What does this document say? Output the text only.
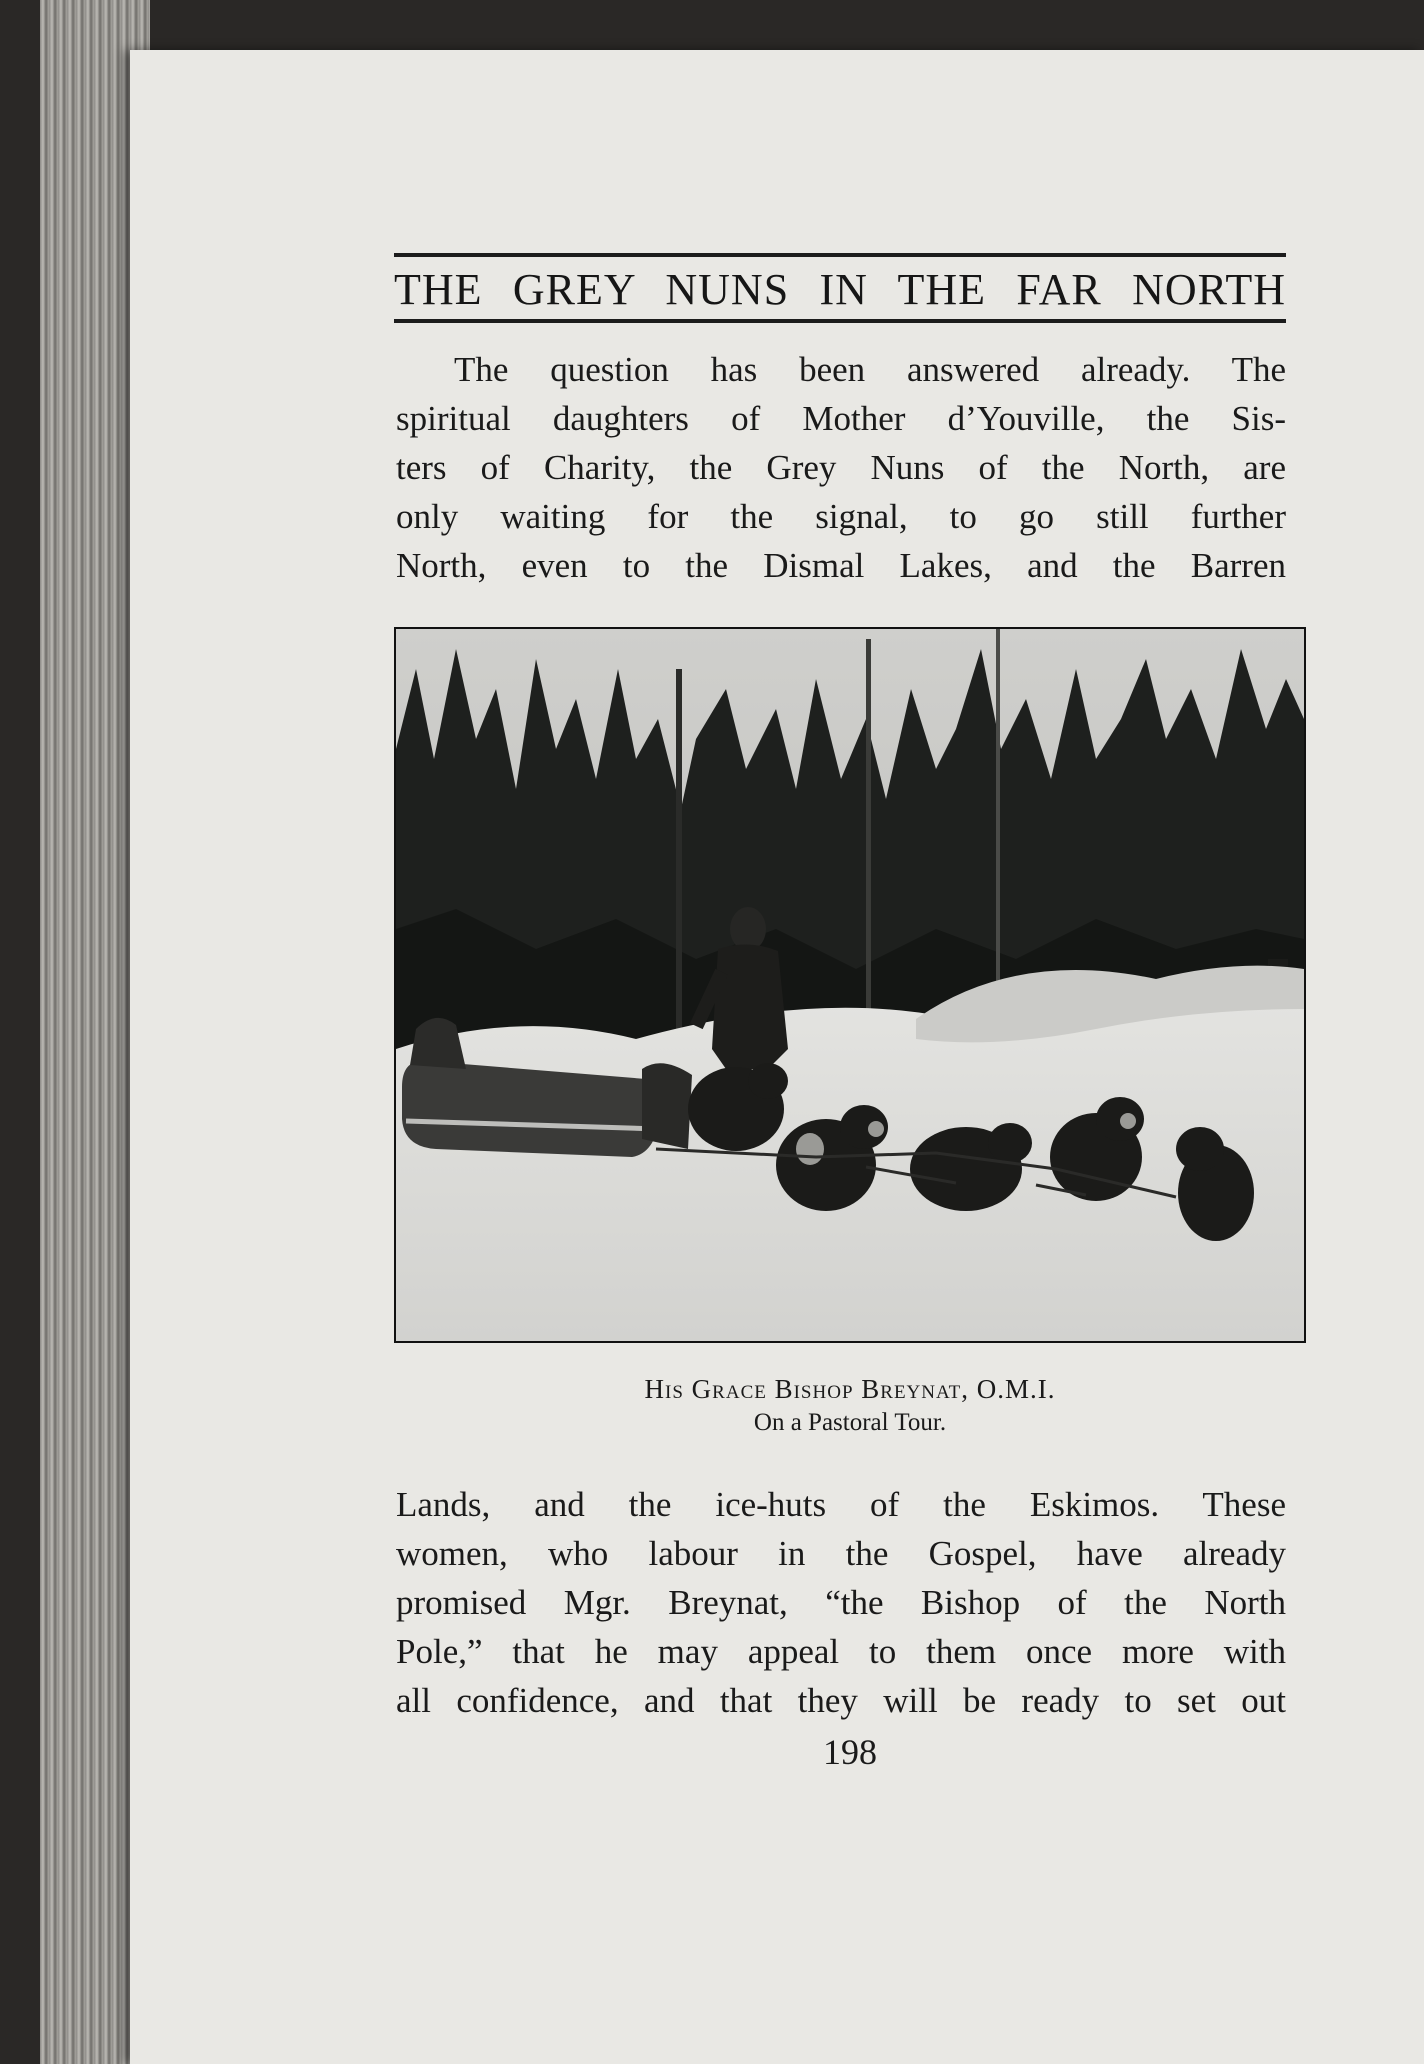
THE GREY NUNS IN THE FAR NORTH
The question has been answered already. The
spiritual daughters of Mother d’Youville, the Sis-
ters of Charity, the Grey Nuns of the North, are
only waiting for the signal, to go still further
North, even to the Dismal Lakes, and the Barren
His Grace Bishop Breynat, O.M.I.
On a Pastoral Tour.
Lands, and the ice-huts of the Eskimos. These
women, who labour in the Gospel, have already
promised Mgr. Breynat, “the Bishop of the North
Pole,” that he may appeal to them once more with
all confidence, and that they will be ready to set out
198
